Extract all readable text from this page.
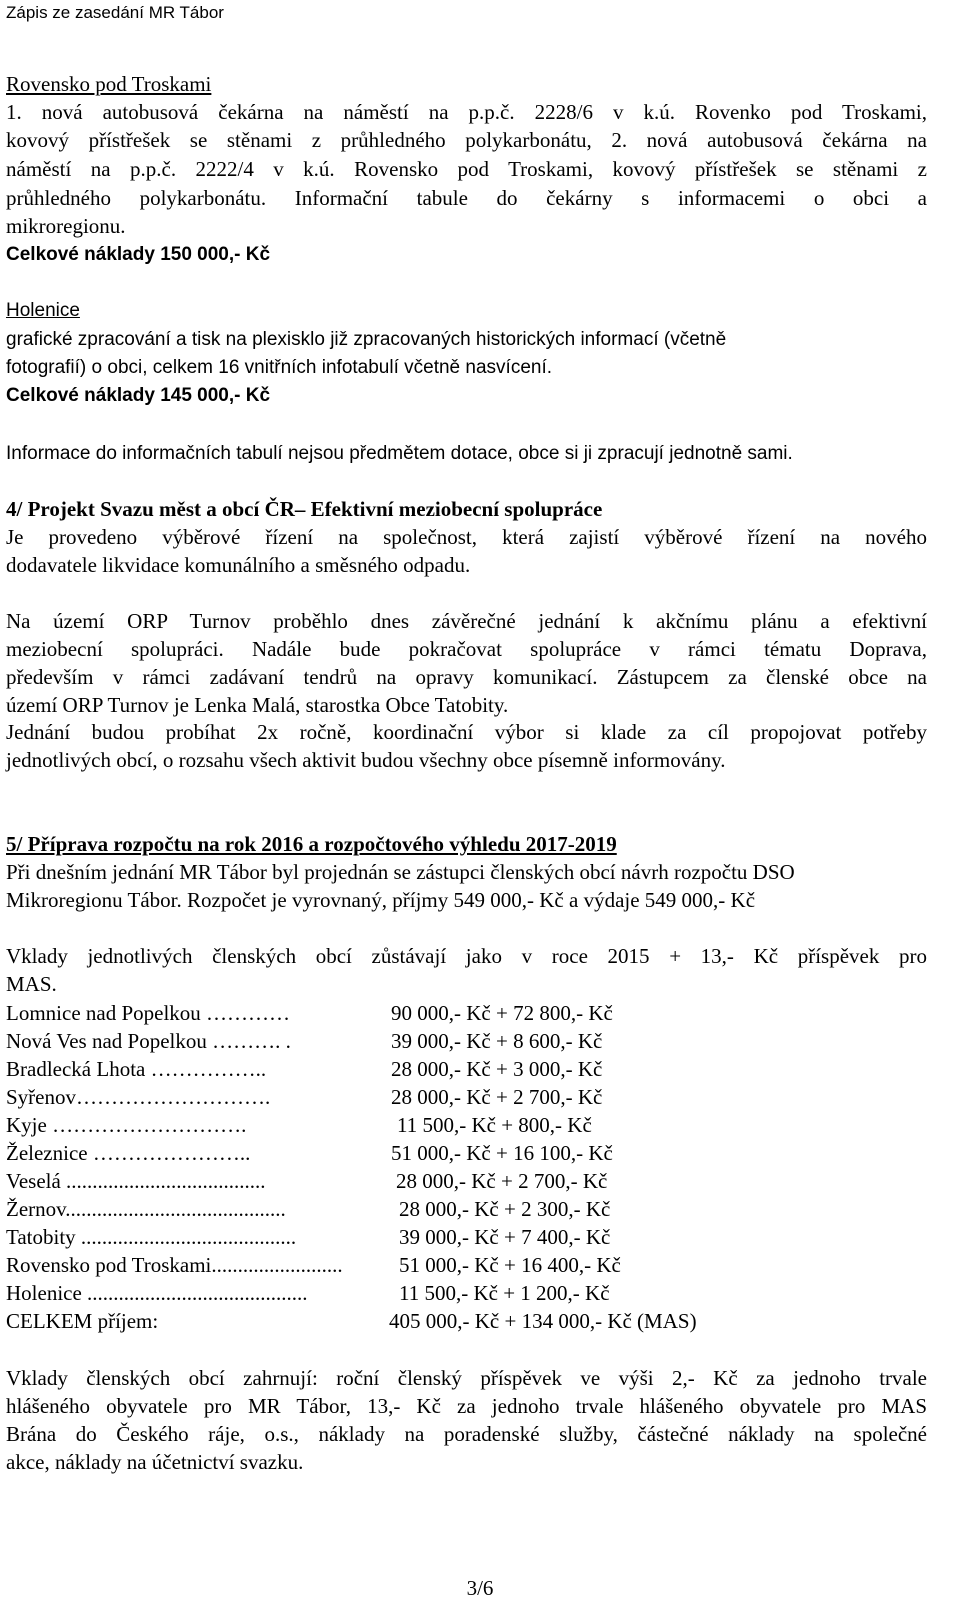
Zápis ze zasedání MR Tábor
Rovensko pod Troskami
1. nová autobusová čekárna na náměstí na p.p.č. 2228/6 v k.ú. Rovenko pod Troskami,
kovový přístřešek se stěnami z průhledného polykarbonátu, 2. nová autobusová čekárna na
náměstí na p.p.č. 2222/4 v k.ú. Rovensko pod Troskami, kovový přístřešek se stěnami z
průhledného polykarbonátu. Informační tabule do čekárny s informacemi o obci a
mikroregionu.
Celkové náklady 150 000,- Kč
Holenice
grafické zpracování a tisk na plexisklo již zpracovaných historických informací (včetně
fotografií) o obci, celkem 16 vnitřních infotabulí včetně nasvícení.
Celkové náklady 145 000,- Kč
Informace do informačních tabulí nejsou předmětem dotace, obce si ji zpracují jednotně sami.
4/ Projekt Svazu měst a obcí ČR– Efektivní meziobecní spolupráce
Je provedeno výběrové řízení na společnost, která zajistí výběrové řízení na nového
dodavatele likvidace komunálního a směsného odpadu.
Na území ORP Turnov proběhlo dnes závěrečné jednání k akčnímu plánu a efektivní
meziobecní spolupráci. Nadále bude pokračovat spolupráce v rámci tématu Doprava,
především v rámci zadávaní tendrů na opravy komunikací. Zástupcem za členské obce na
území ORP Turnov je Lenka Malá, starostka Obce Tatobity.
Jednání budou probíhat 2x ročně, koordinační výbor si klade za cíl propojovat potřeby
jednotlivých obcí, o rozsahu všech aktivit budou všechny obce písemně informovány.
5/ Příprava rozpočtu na rok 2016 a rozpočtového výhledu 2017-2019
Při dnešním jednání MR Tábor byl projednán se zástupci členských obcí návrh rozpočtu DSO
Mikroregionu Tábor. Rozpočet je vyrovnaný, příjmy 549 000,- Kč a výdaje 549 000,- Kč
Vklady jednotlivých členských obcí zůstávají jako v roce 2015 + 13,- Kč příspěvek pro
MAS.
Lomnice nad Popelkou …………	90 000,- Kč + 72 800,- Kč
Nová Ves nad Popelkou ………. .	39 000,- Kč + 8 600,- Kč
Bradlecká Lhota ……………..	28 000,- Kč + 3 000,- Kč
Syřenov……………………….	28 000,- Kč + 2 700,- Kč
Kyje ……………………….	11 500,- Kč + 800,- Kč
Železnice …………………..	51 000,- Kč + 16 100,- Kč
Veselá ......................................	28 000,- Kč + 2 700,- Kč
Žernov..........................................	28 000,- Kč + 2 300,- Kč
Tatobity .........................................	39 000,- Kč + 7 400,- Kč
Rovensko pod Troskami.........................	51 000,- Kč + 16 400,- Kč
Holenice ..........................................	11 500,- Kč + 1 200,- Kč
CELKEM příjem:	405 000,- Kč + 134 000,- Kč (MAS)
Vklady členských obcí zahrnují: roční členský příspěvek ve výši 2,- Kč za jednoho trvale
hlášeného obyvatele pro MR Tábor, 13,- Kč za jednoho trvale hlášeného obyvatele pro MAS
Brána do Českého ráje, o.s., náklady na poradenské služby, částečné náklady na společné
akce, náklady na účetnictví svazku.
3/6
